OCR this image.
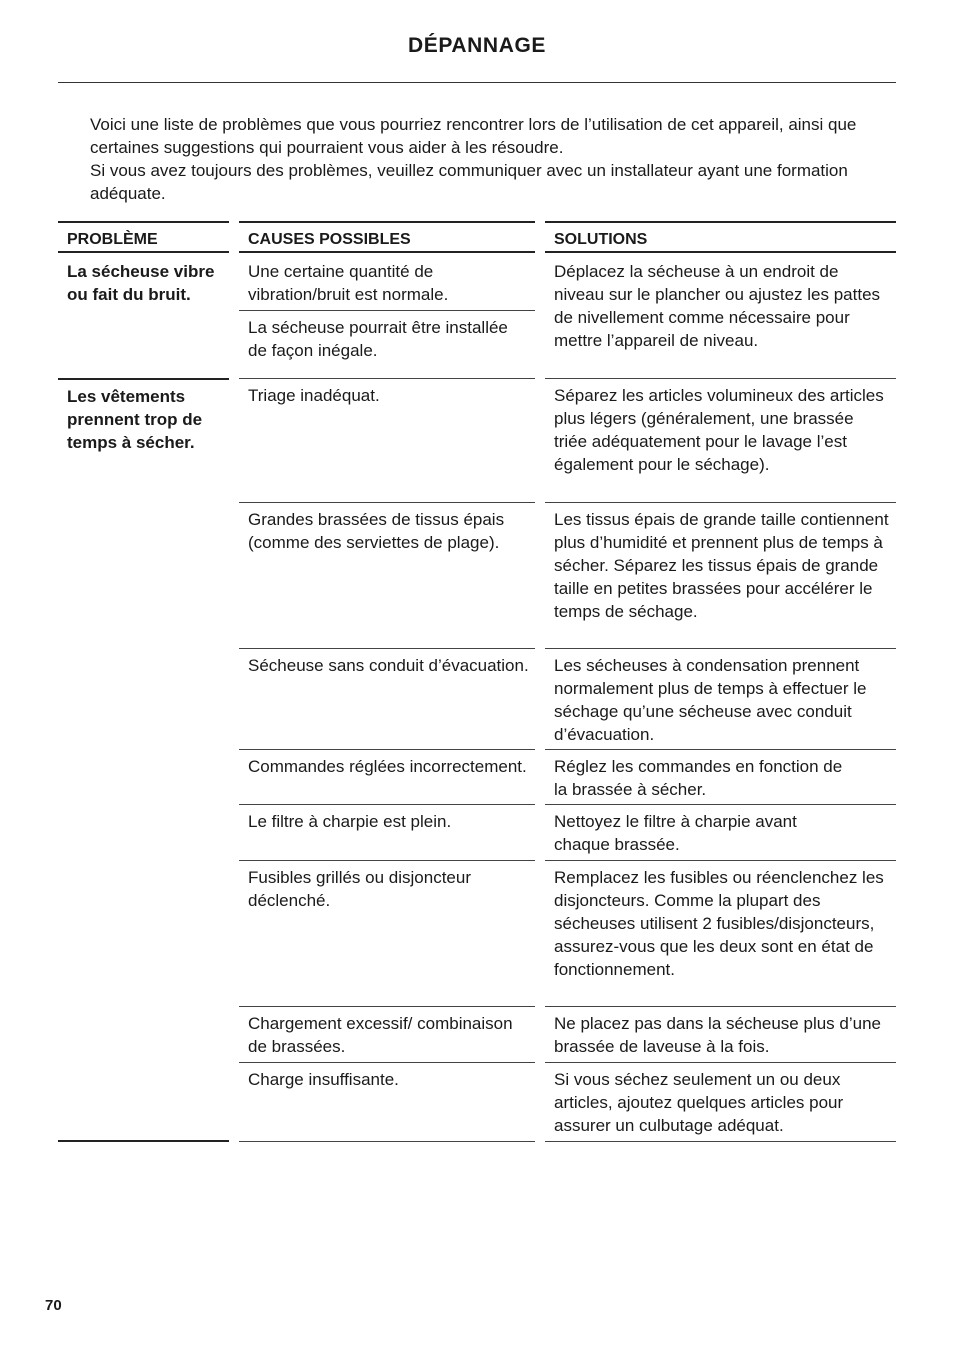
DÉPANNAGE

Voici une liste de problèmes que vous pourriez rencontrer lors de l’utilisation de cet appareil, ainsi que certaines suggestions qui pourraient vous aider à les résoudre.

Si vous avez toujours des problèmes, veuillez communiquer avec un installateur ayant une formation adéquate.

PROBLÈME
La sécheuse vibre ou fait du bruit.
Les vêtements prennent trop de temps à sécher.
CAUSES POSSIBLES
Une certaine quantité de vibration/bruit est normale.
La sécheuse pourrait être installée de façon inégale.
Triage inadéquat.
Grandes brassées de tissus épais (comme des serviettes de plage).
Sécheuse sans conduit d’évacuation.
Commandes réglées incorrectement.
Le filtre à charpie est plein.
Fusibles grillés ou disjoncteur déclenché.
Chargement excessif/ combinaison de brassées.
Charge insuffisante.
SOLUTIONS
Déplacez la sécheuse à un endroit de niveau sur le plancher ou ajustez les pattes de nivellement comme nécessaire pour mettre l’appareil de niveau.
Séparez les articles volumineux des articles plus légers (généralement, une brassée triée adéquatement pour le lavage l’est également pour le séchage).
Les tissus épais de grande taille contiennent plus d’humidité et prennent plus de temps à sécher. Séparez les tissus épais de grande taille en petites brassées pour accélérer le temps de séchage.
Les sécheuses à condensation prennent normalement plus de temps à effectuer le séchage qu’une sécheuse avec conduit d’évacuation.
Réglez les commandes en fonction de la brassée à sécher.
Nettoyez le filtre à charpie avant chaque brassée.
Remplacez les fusibles ou réenclenchez les disjoncteurs. Comme la plupart des sécheuses utilisent 2 fusibles/disjoncteurs, assurez-vous que les deux sont en état de fonctionnement.
Ne placez pas dans la sécheuse plus d’une brassée de laveuse à la fois.
Si vous séchez seulement un ou deux articles, ajoutez quelques articles pour assurer un culbutage adéquat.
70
